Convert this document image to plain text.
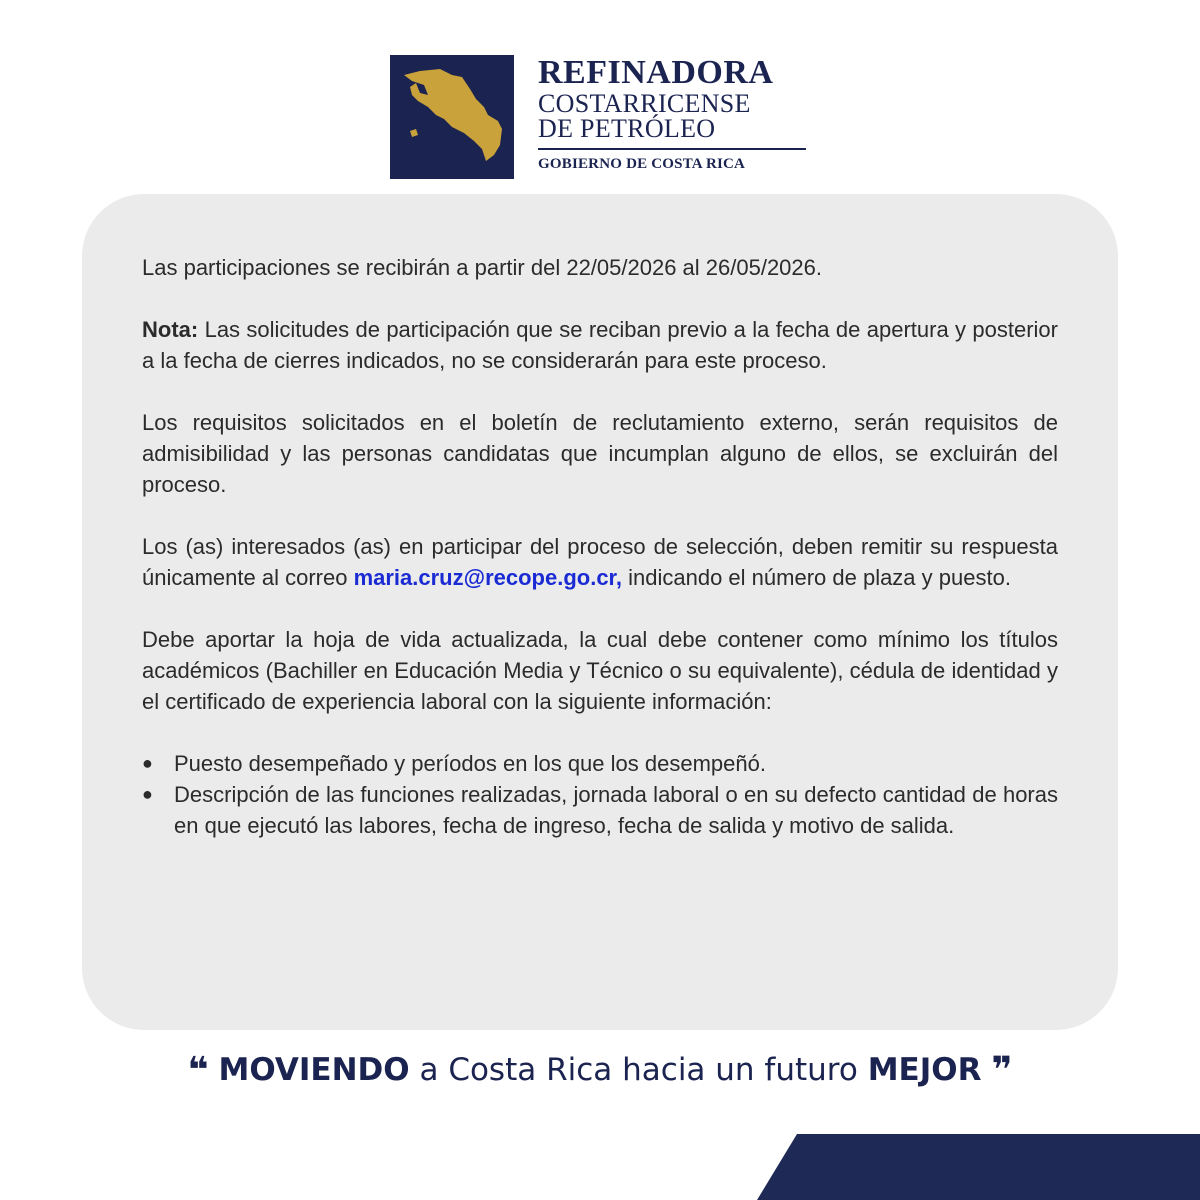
REFINADORA
COSTARRICENSE
DE PETRÓLEO
GOBIERNO DE COSTA RICA

Las participaciones se recibirán a partir del 22/05/2026 al 26/05/2026.

Nota: Las solicitudes de participación que se reciban previo a la fecha de apertura y posterior a la fecha de cierres indicados, no se considerarán para este proceso.

Los requisitos solicitados en el boletín de reclutamiento externo, serán requisitos de admisibilidad y las personas candidatas que incumplan alguno de ellos, se excluirán del proceso.

Los (as) interesados (as) en participar del proceso de selección, deben remitir su respuesta únicamente al correo maria.cruz@recope.go.cr, indicando el número de plaza y puesto.

Debe aportar la hoja de vida actualizada, la cual debe contener como mínimo los títulos académicos (Bachiller en Educación Media y Técnico o su equivalente), cédula de identidad y el certificado de experiencia laboral con la siguiente información:

● Puesto desempeñado y períodos en los que los desempeñó.
● Descripción de las funciones realizadas, jornada laboral o en su defecto cantidad de horas en que ejecutó las labores, fecha de ingreso, fecha de salida y motivo de salida.
❝ MOVIENDO a Costa Rica hacia un futuro MEJOR ❞
